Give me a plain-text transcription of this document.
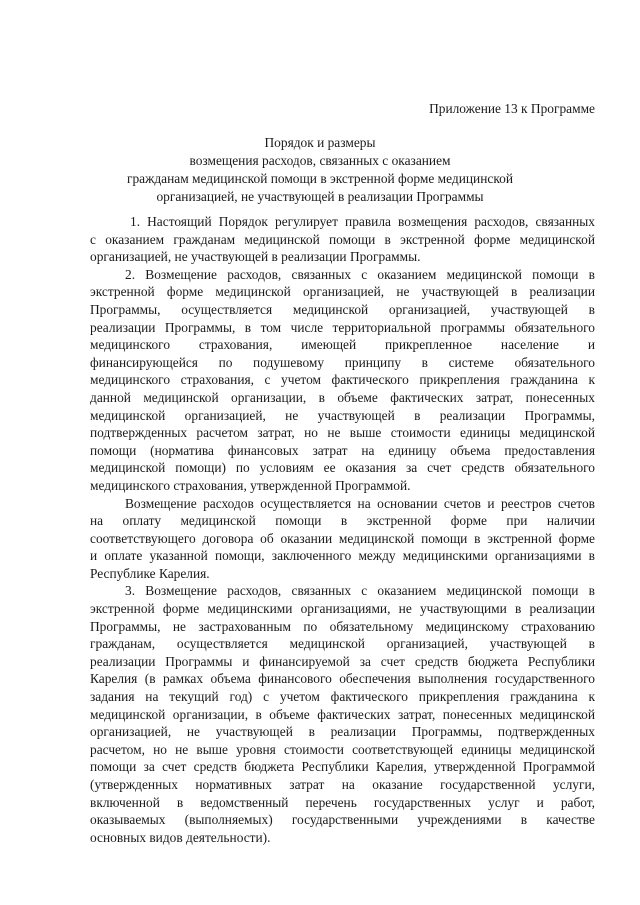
Приложение 13 к Программе
Порядок и размеры
возмещения расходов, связанных с оказанием
гражданам медицинской помощи в экстренной форме медицинской
организацией, не участвующей в реализации Программы
1. Настоящий Порядок регулирует правила возмещения расходов, связанных
с оказанием гражданам медицинской помощи в экстренной форме медицинской
организацией, не участвующей в реализации Программы.
2. Возмещение расходов, связанных с оказанием медицинской помощи в
экстренной форме медицинской организацией, не участвующей в реализации
Программы, осуществляется медицинской организацией, участвующей в
реализации Программы, в том числе территориальной программы обязательного
медицинского страхования, имеющей прикрепленное население и
финансирующейся по подушевому принципу в системе обязательного
медицинского страхования, с учетом фактического прикрепления гражданина к
данной медицинской организации, в объеме фактических затрат, понесенных
медицинской организацией, не участвующей в реализации Программы,
подтвержденных расчетом затрат, но не выше стоимости единицы медицинской
помощи (норматива финансовых затрат на единицу объема предоставления
медицинской помощи) по условиям ее оказания за счет средств обязательного
медицинского страхования, утвержденной Программой.
Возмещение расходов осуществляется на основании счетов и реестров счетов
на оплату медицинской помощи в экстренной форме при наличии
соответствующего договора об оказании медицинской помощи в экстренной форме
и оплате указанной помощи, заключенного между медицинскими организациями в
Республике Карелия.
3. Возмещение расходов, связанных с оказанием медицинской помощи в
экстренной форме медицинскими организациями, не участвующими в реализации
Программы, не застрахованным по обязательному медицинскому страхованию
гражданам, осуществляется медицинской организацией, участвующей в
реализации Программы и финансируемой за счет средств бюджета Республики
Карелия (в рамках объема финансового обеспечения выполнения государственного
задания на текущий год) с учетом фактического прикрепления гражданина к
медицинской организации, в объеме фактических затрат, понесенных медицинской
организацией, не участвующей в реализации Программы, подтвержденных
расчетом, но не выше уровня стоимости соответствующей единицы медицинской
помощи за счет средств бюджета Республики Карелия, утвержденной Программой
(утвержденных нормативных затрат на оказание государственной услуги,
включенной в ведомственный перечень государственных услуг и работ,
оказываемых (выполняемых) государственными учреждениями в качестве
основных видов деятельности).
